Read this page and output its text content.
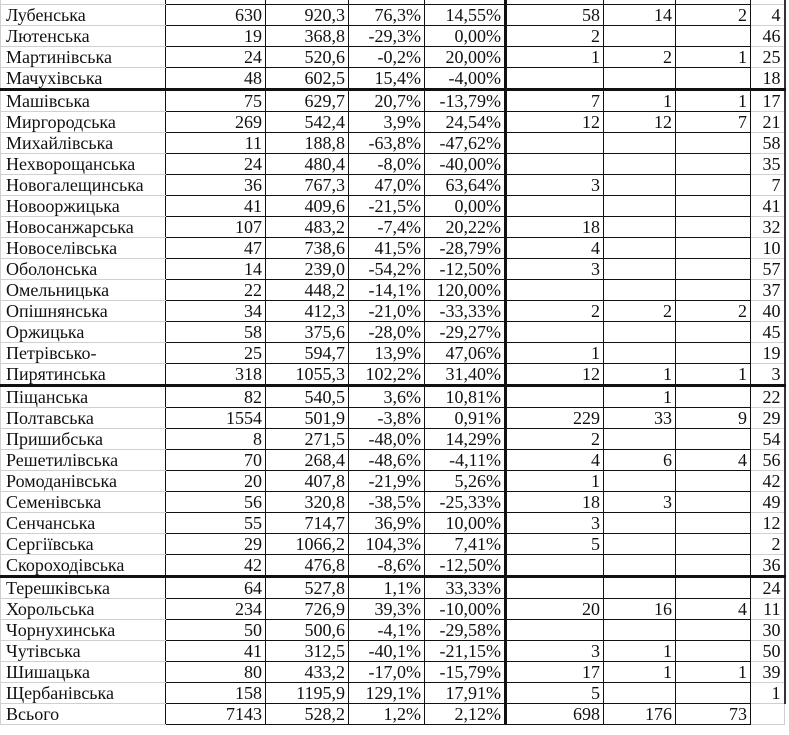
Лубенська	630	920,3	76,3%	14,55%	58	14	2	4
Лютенська	19	368,8	-29,3%	0,00%	2			46
Мартинівська	24	520,6	-0,2%	20,00%	1	2	1	25
Мачухівська	48	602,5	15,4%	-4,00%				18
Машівська	75	629,7	20,7%	-13,79%	7	1	1	17
Миргородська	269	542,4	3,9%	24,54%	12	12	7	21
Михайлівська	11	188,8	-63,8%	-47,62%				58
Нехворощанська	24	480,4	-8,0%	-40,00%				35
Новогалещинська	36	767,3	47,0%	63,64%	3			7
Новооржицька	41	409,6	-21,5%	0,00%				41
Новосанжарська	107	483,2	-7,4%	20,22%	18			32
Новоселівська	47	738,6	41,5%	-28,79%	4			10
Оболонська	14	239,0	-54,2%	-12,50%	3			57
Омельницька	22	448,2	-14,1%	120,00%				37
Опішнянська	34	412,3	-21,0%	-33,33%	2	2	2	40
Оржицька	58	375,6	-28,0%	-29,27%				45
Петрівсько-	25	594,7	13,9%	47,06%	1			19
Пирятинська	318	1055,3	102,2%	31,40%	12	1	1	3
Піщанська	82	540,5	3,6%	10,81%		1		22
Полтавська	1554	501,9	-3,8%	0,91%	229	33	9	29
Пришибська	8	271,5	-48,0%	14,29%	2			54
Решетилівська	70	268,4	-48,6%	-4,11%	4	6	4	56
Ромоданівська	20	407,8	-21,9%	5,26%	1			42
Семенівська	56	320,8	-38,5%	-25,33%	18	3		49
Сенчанська	55	714,7	36,9%	10,00%	3			12
Сергіївська	29	1066,2	104,3%	7,41%	5			2
Скороходівська	42	476,8	-8,6%	-12,50%				36
Терешківська	64	527,8	1,1%	33,33%				24
Хорольська	234	726,9	39,3%	-10,00%	20	16	4	11
Чорнухинська	50	500,6	-4,1%	-29,58%				30
Чутівська	41	312,5	-40,1%	-21,15%	3	1		50
Шишацька	80	433,2	-17,0%	-15,79%	17	1	1	39
Щербанівська	158	1195,9	129,1%	17,91%	5			1
Всього	7143	528,2	1,2%	2,12%	698	176	73	
